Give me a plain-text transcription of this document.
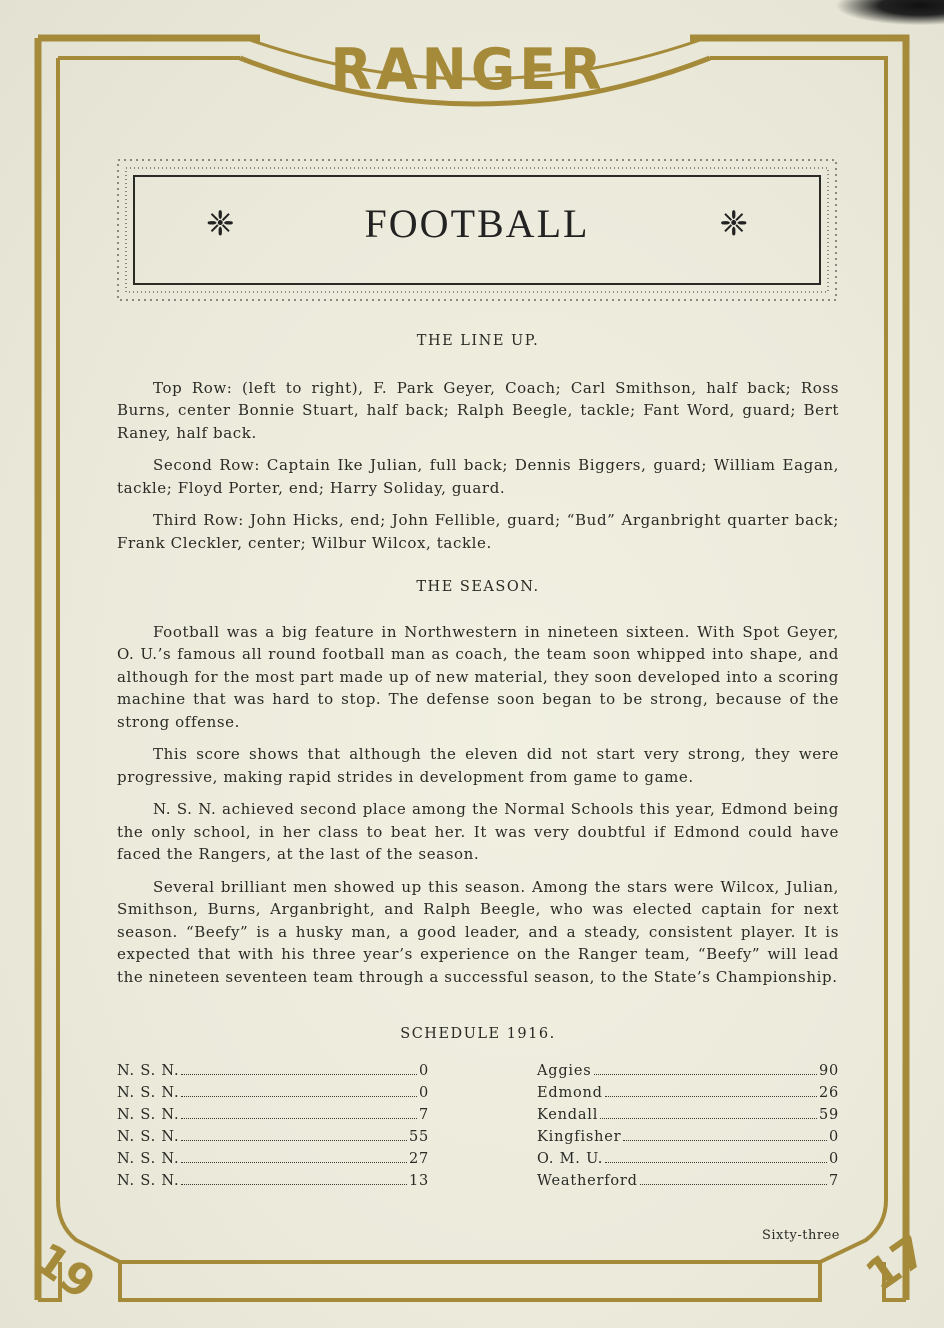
RANGER
❈	FOOTBALL	❈

THE LINE UP.

Top Row: (left to right), F. Park Geyer, Coach; Carl Smithson, half back; Ross Burns, center Bonnie Stuart, half back; Ralph Beegle, tackle; Fant Word, guard; Bert Raney, half back.

Second Row: Captain Ike Julian, full back; Dennis Biggers, guard; William Eagan, tackle; Floyd Porter, end; Harry Soliday, guard.

Third Row: John Hicks, end; John Fellible, guard; “Bud” Arganbright quarter back; Frank Cleckler, center; Wilbur Wilcox, tackle.

THE SEASON.

Football was a big feature in Northwestern in nineteen sixteen. With Spot Geyer, O. U.’s famous all round football man as coach, the team soon whipped into shape, and although for the most part made up of new material, they soon developed into a scoring machine that was hard to stop. The defense soon began to be strong, because of the strong offense.

This score shows that although the eleven did not start very strong, they were progressive, making rapid strides in development from game to game.

N. S. N. achieved second place among the Normal Schools this year, Edmond being the only school, in her class to beat her. It was very doubtful if Edmond could have faced the Rangers, at the last of the season.

Several brilliant men showed up this season. Among the stars were Wilcox, Julian, Smithson, Burns, Arganbright, and Ralph Beegle, who was elected captain for next season. “Beefy” is a husky man, a good leader, and a steady, consistent player. It is expected that with his three year’s experience on the Ranger team, “Beefy” will lead the nineteen seventeen team through a successful season, to the State’s Championship.

SCHEDULE 1916.
N. S. N.	0
N. S. N.	0
N. S. N.	7
N. S. N.	55
N. S. N.	27
N. S. N.	13
Aggies	90
Edmond	26
Kendall	59
Kingfisher	0
O. M. U.	0
Weatherford	7
Sixty-three
19	17
